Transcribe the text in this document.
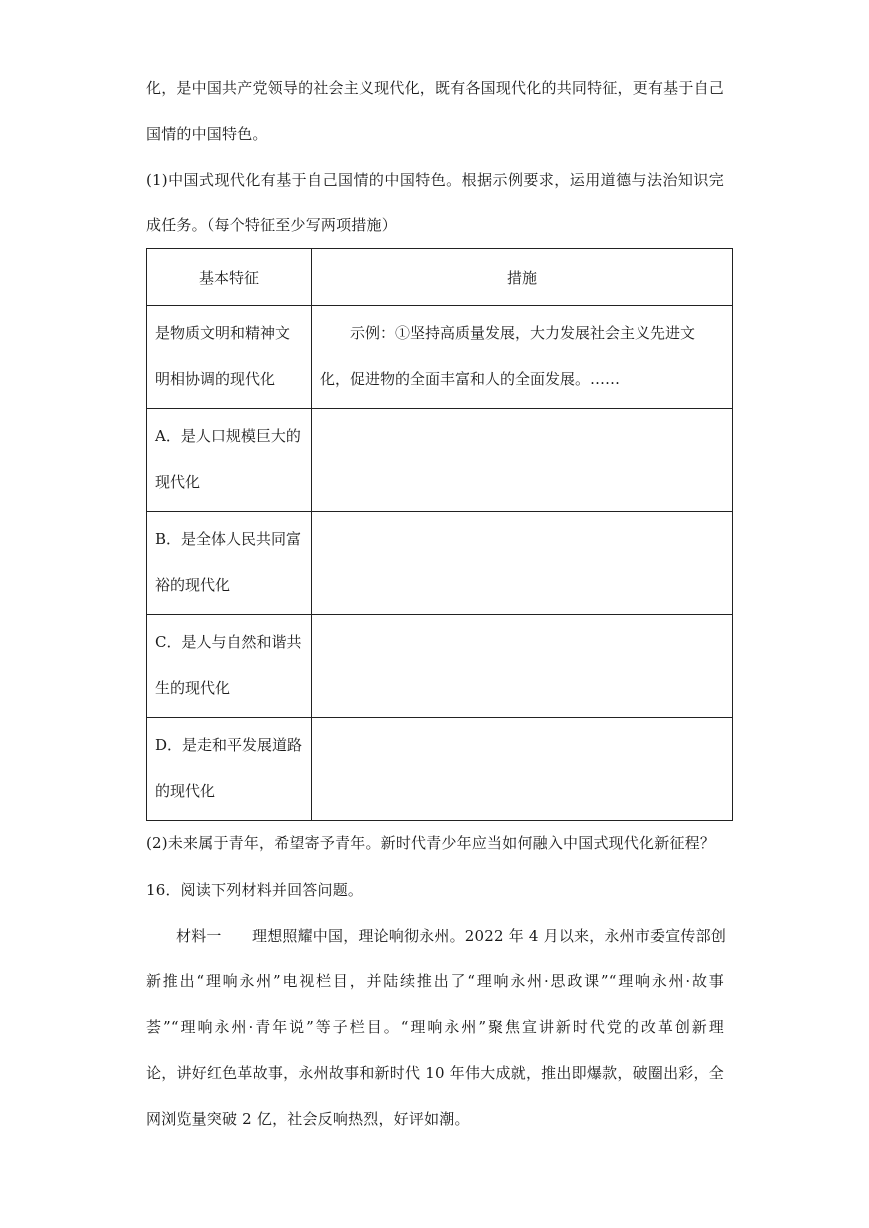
化，是中国共产党领导的社会主义现代化，既有各国现代化的共同特征，更有基于自己
国情的中国特色。
(1)中国式现代化有基于自己国情的中国特色。根据示例要求，运用道德与法治知识完
成任务。（每个特征至少写两项措施）
基本特征	措施

是物质文明和精神文明相协调的现代化	示例：①坚持高质量发展，大力发展社会主义先进文化，促进物的全面丰富和人的全面发展。……

A．是人口规模巨大的现代化	

B．是全体人民共同富裕的现代化	

C．是人与自然和谐共生的现代化	

D．是走和平发展道路的现代化	

(2)未来属于青年，希望寄予青年。新时代青少年应当如何融入中国式现代化新征程？
16．阅读下列材料并回答问题。
材料一　　理想照耀中国，理论响彻永州。2022 年 4 月以来，永州市委宣传部创
新推出“理响永州”电视栏目，并陆续推出了“理响永州·思政课”“理响永州·故事
荟”“理响永州·青年说”等子栏目。“理响永州”聚焦宣讲新时代党的改革创新理
论，讲好红色革故事，永州故事和新时代 10 年伟大成就，推出即爆款，破圈出彩，全
网浏览量突破 2 亿，社会反响热烈，好评如潮。
